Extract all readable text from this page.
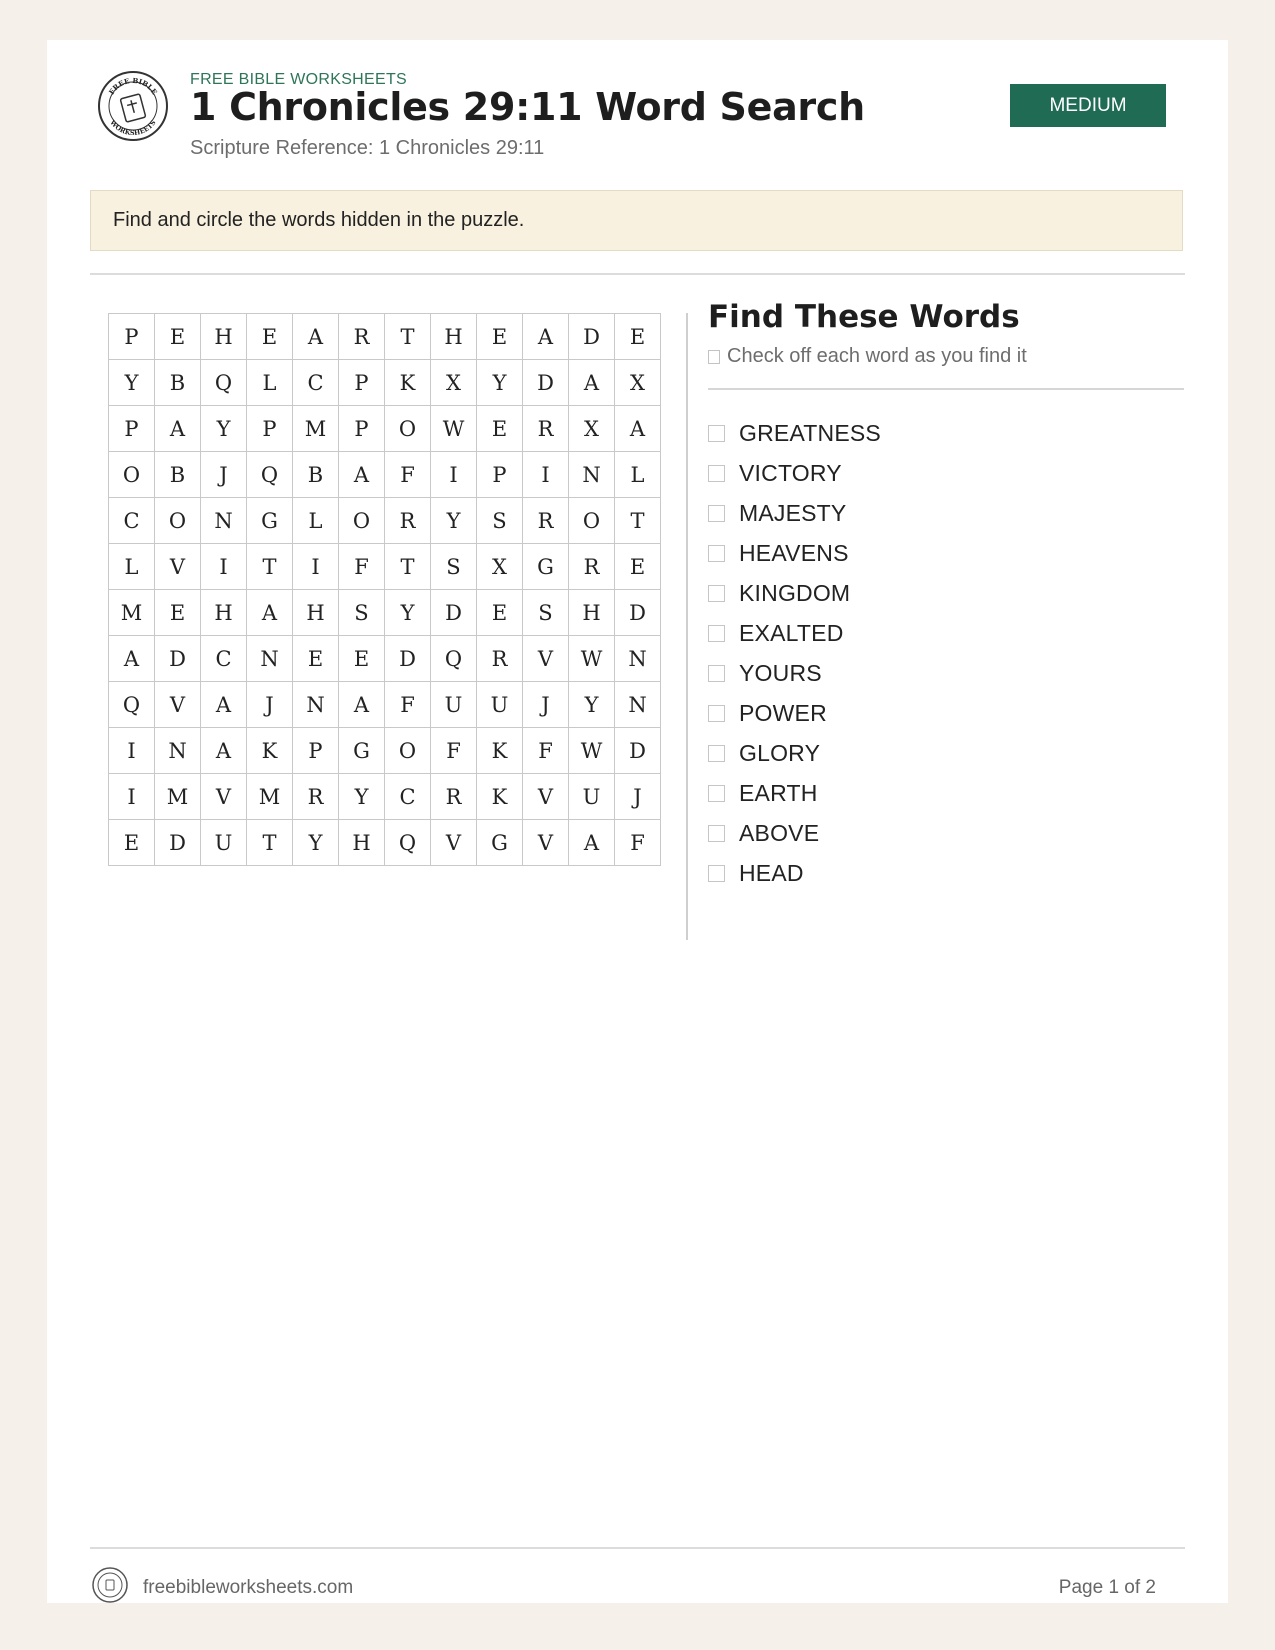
FREE BIBLE
WORKSHEETS
FREE BIBLE WORKSHEETS
1 Chronicles 29:11 Word Search
Scripture Reference: 1 Chronicles 29:11
MEDIUM
Find and circle the words hidden in the puzzle.
P	E	H	E	A	R	T	H	E	A	D	E
Y	B	Q	L	C	P	K	X	Y	D	A	X
P	A	Y	P	M	P	O	W	E	R	X	A
O	B	J	Q	B	A	F	I	P	I	N	L
C	O	N	G	L	O	R	Y	S	R	O	T
L	V	I	T	I	F	T	S	X	G	R	E
M	E	H	A	H	S	Y	D	E	S	H	D
A	D	C	N	E	E	D	Q	R	V	W	N
Q	V	A	J	N	A	F	U	U	J	Y	N
I	N	A	K	P	G	O	F	K	F	W	D
I	M	V	M	R	Y	C	R	K	V	U	J
E	D	U	T	Y	H	Q	V	G	V	A	F
Find These Words
Check off each word as you find it
GREATNESS
VICTORY
MAJESTY
HEAVENS
KINGDOM
EXALTED
YOURS
POWER
GLORY
EARTH
ABOVE
HEAD
freebibleworksheets.com	Page 1 of 2
